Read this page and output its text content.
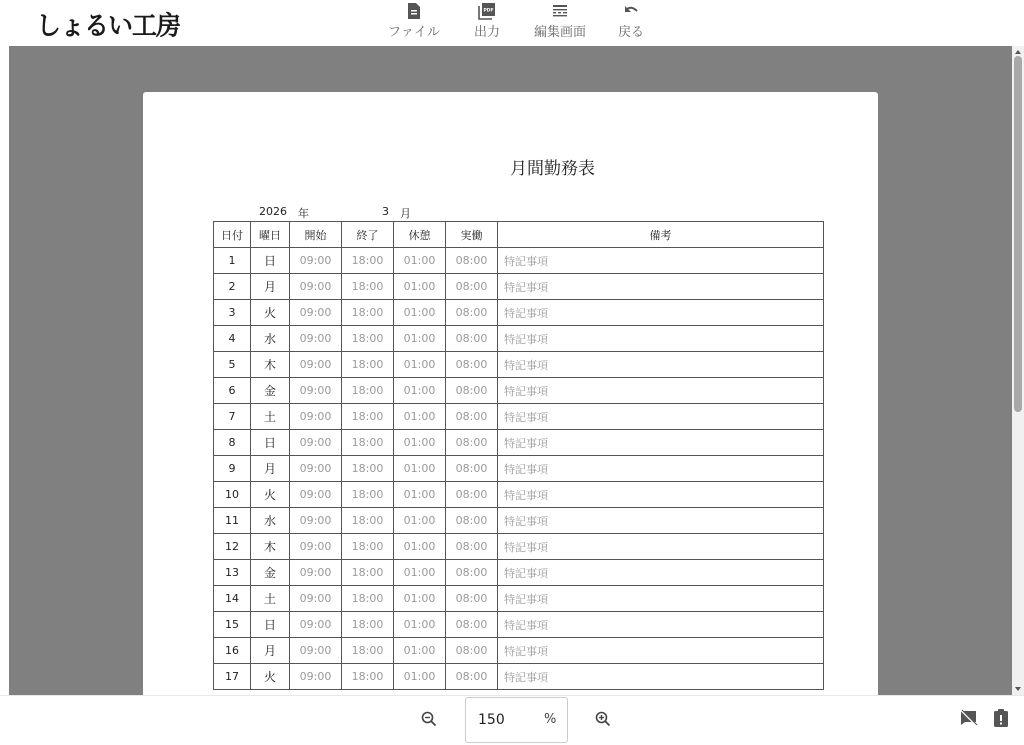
しょるい工房	ファイル
PDF
出力	編集画面 戻る
月間勤務表
2026 年	3 月
日付	曜日	開始	終了	休憩	実働	備考
1	日	09:00	18:00	01:00	08:00	特記事項
2	月	09:00	18:00	01:00	08:00	特記事項
3	火	09:00	18:00	01:00	08:00	特記事項
4	水	09:00	18:00	01:00	08:00	特記事項
5	木	09:00	18:00	01:00	08:00	特記事項
6	金	09:00	18:00	01:00	08:00	特記事項
7	土	09:00	18:00	01:00	08:00	特記事項
8	日	09:00	18:00	01:00	08:00	特記事項
9	月	09:00	18:00	01:00	08:00	特記事項
10	火	09:00	18:00	01:00	08:00	特記事項
11	水	09:00	18:00	01:00	08:00	特記事項
12	木	09:00	18:00	01:00	08:00	特記事項
13	金	09:00	18:00	01:00	08:00	特記事項
14	土	09:00	18:00	01:00	08:00	特記事項
15	日	09:00	18:00	01:00	08:00	特記事項
16	月	09:00	18:00	01:00	08:00	特記事項
17	火	09:00	18:00	01:00	08:00	特記事項
150	%
